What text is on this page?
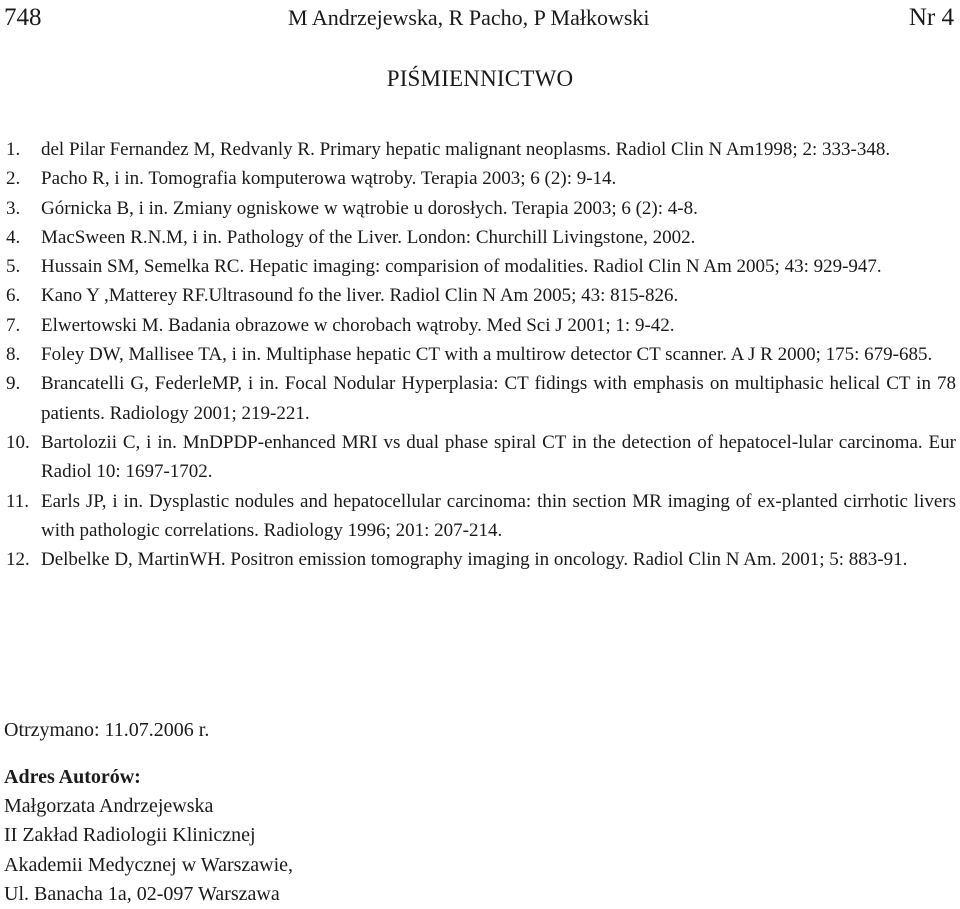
748	M Andrzejewska, R Pacho, P Małkowski	Nr 4
PIŚMIENNICTWO
1.	del Pilar Fernandez M, Redvanly R. Primary hepatic malignant neoplasms. Radiol Clin N Am1998; 2: 333-348.
2.	Pacho R, i in. Tomografia komputerowa wątroby. Terapia 2003; 6 (2): 9-14.
3.	Górnicka B, i in. Zmiany ogniskowe w wątrobie u dorosłych. Terapia 2003; 6 (2): 4-8.
4.	MacSween R.N.M, i in. Pathology of the Liver. London: Churchill Livingstone, 2002.
5.	Hussain SM, Semelka RC. Hepatic imaging: comparision of modalities. Radiol Clin N Am 2005; 43: 929-947.
6.	Kano Y ,Matterey RF.Ultrasound fo the liver. Radiol Clin N Am 2005; 43: 815-826.
7.	Elwertowski M. Badania obrazowe w chorobach wątroby. Med Sci J 2001; 1: 9-42.
8.	Foley DW, Mallisee TA, i in. Multiphase hepatic CT with a multirow detector CT scanner. A J R 2000; 175: 679-685.
9.	Brancatelli G, FederleMP, i in. Focal Nodular Hyperplasia: CT fidings with emphasis on multiphasic helical CT in 78 patients. Radiology 2001; 219-221.
10. Bartolozii C, i in. MnDPDP-enhanced MRI vs dual phase spiral CT in the detection of hepatocel-lular carcinoma. Eur Radiol 10: 1697-1702.
11. Earls JP, i in. Dysplastic nodules and hepatocellular carcinoma: thin section MR imaging of ex-planted cirrhotic livers with pathologic correlations. Radiology 1996; 201: 207-214.
12. Delbelke D, MartinWH. Positron emission tomography imaging in oncology. Radiol Clin N Am. 2001; 5: 883-91.
Otrzymano: 11.07.2006 r.
Adres Autorów:
Małgorzata Andrzejewska
II Zakład Radiologii Klinicznej
Akademii Medycznej w Warszawie,
Ul. Banacha 1a, 02-097 Warszawa
